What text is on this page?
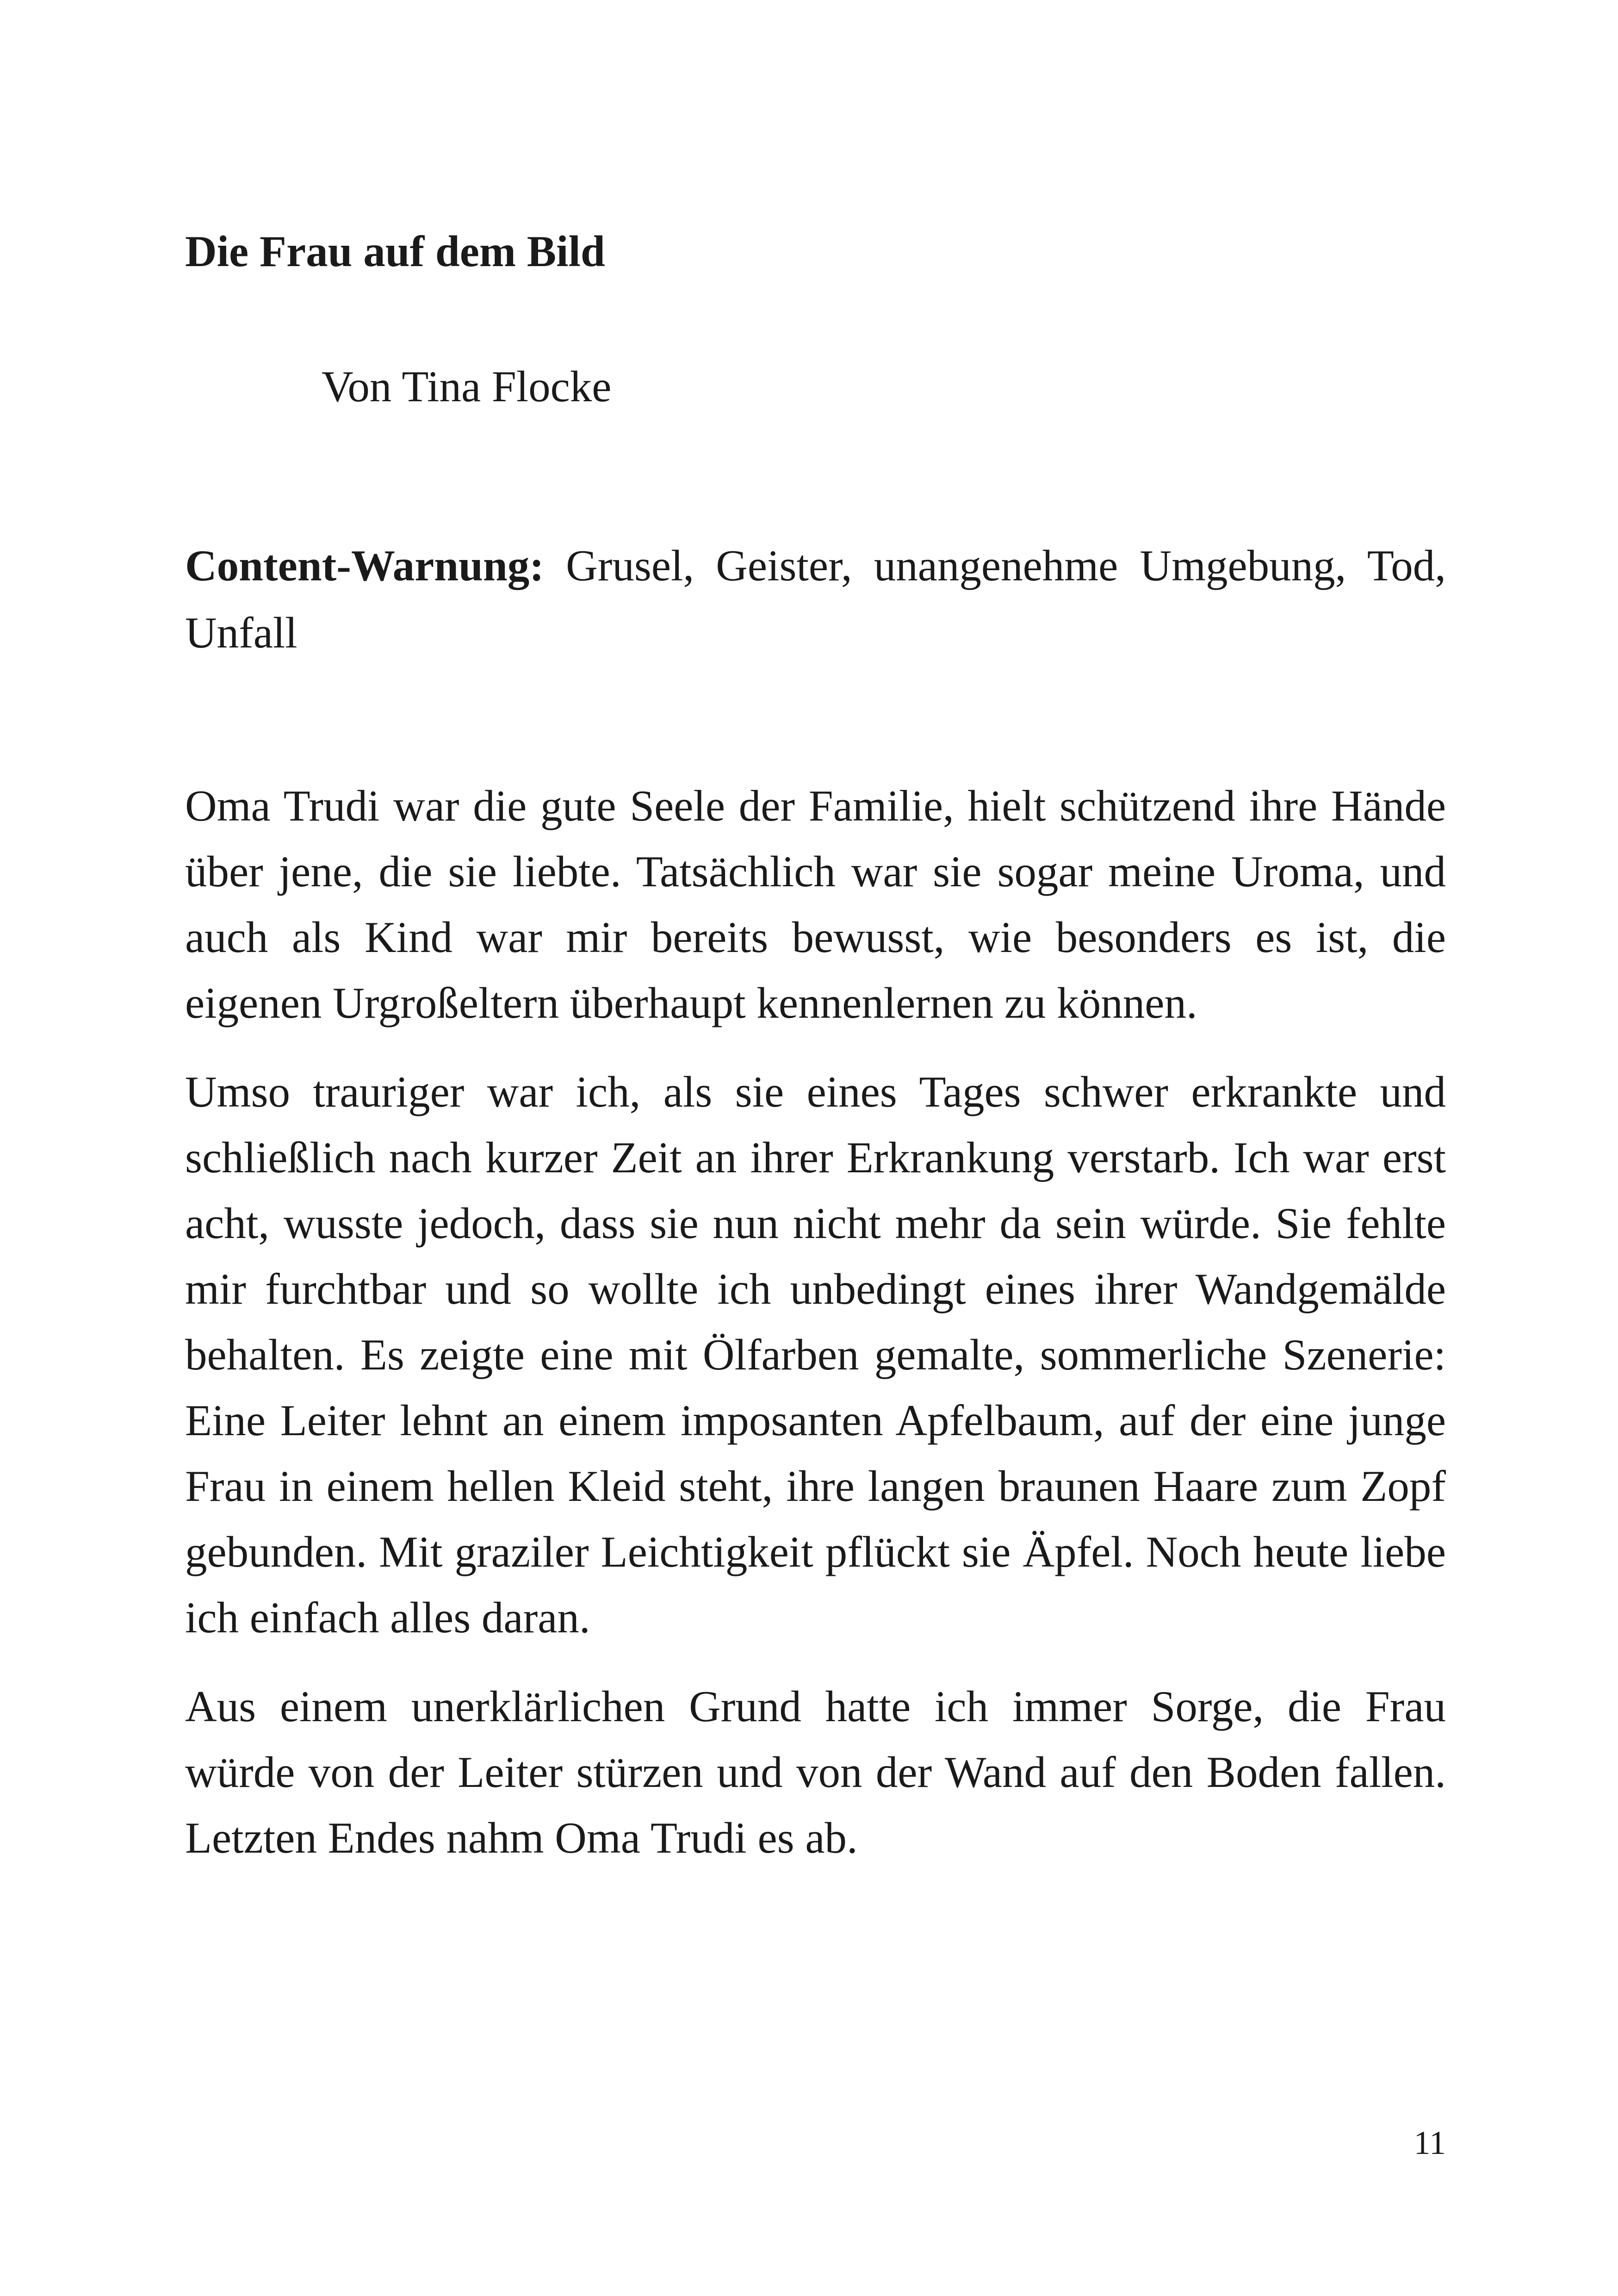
Die Frau auf dem Bild

Von Tina Flocke

Content-Warnung: Grusel, Geister, unangenehme Umgebung, Tod, Unfall

Oma Trudi war die gute Seele der Familie, hielt schützend ihre Hände über jene, die sie liebte. Tatsächlich war sie sogar meine Uroma, und auch als Kind war mir bereits bewusst, wie besonders es ist, die eigenen Urgroßeltern überhaupt kennenlernen zu können.

Umso trauriger war ich, als sie eines Tages schwer erkrankte und schließlich nach kurzer Zeit an ihrer Erkrankung verstarb. Ich war erst acht, wusste jedoch, dass sie nun nicht mehr da sein würde. Sie fehlte mir furchtbar und so wollte ich unbedingt eines ihrer Wandgemälde behalten. Es zeigte eine mit Ölfarben gemalte, sommerliche Szenerie: Eine Leiter lehnt an einem imposanten Apfelbaum, auf der eine junge Frau in einem hellen Kleid steht, ihre langen braunen Haare zum Zopf gebunden. Mit graziler Leichtigkeit pflückt sie Äpfel. Noch heute liebe ich einfach alles daran.

Aus einem unerklärlichen Grund hatte ich immer Sorge, die Frau würde von der Leiter stürzen und von der Wand auf den Boden fallen. Letzten Endes nahm Oma Trudi es ab.

11
